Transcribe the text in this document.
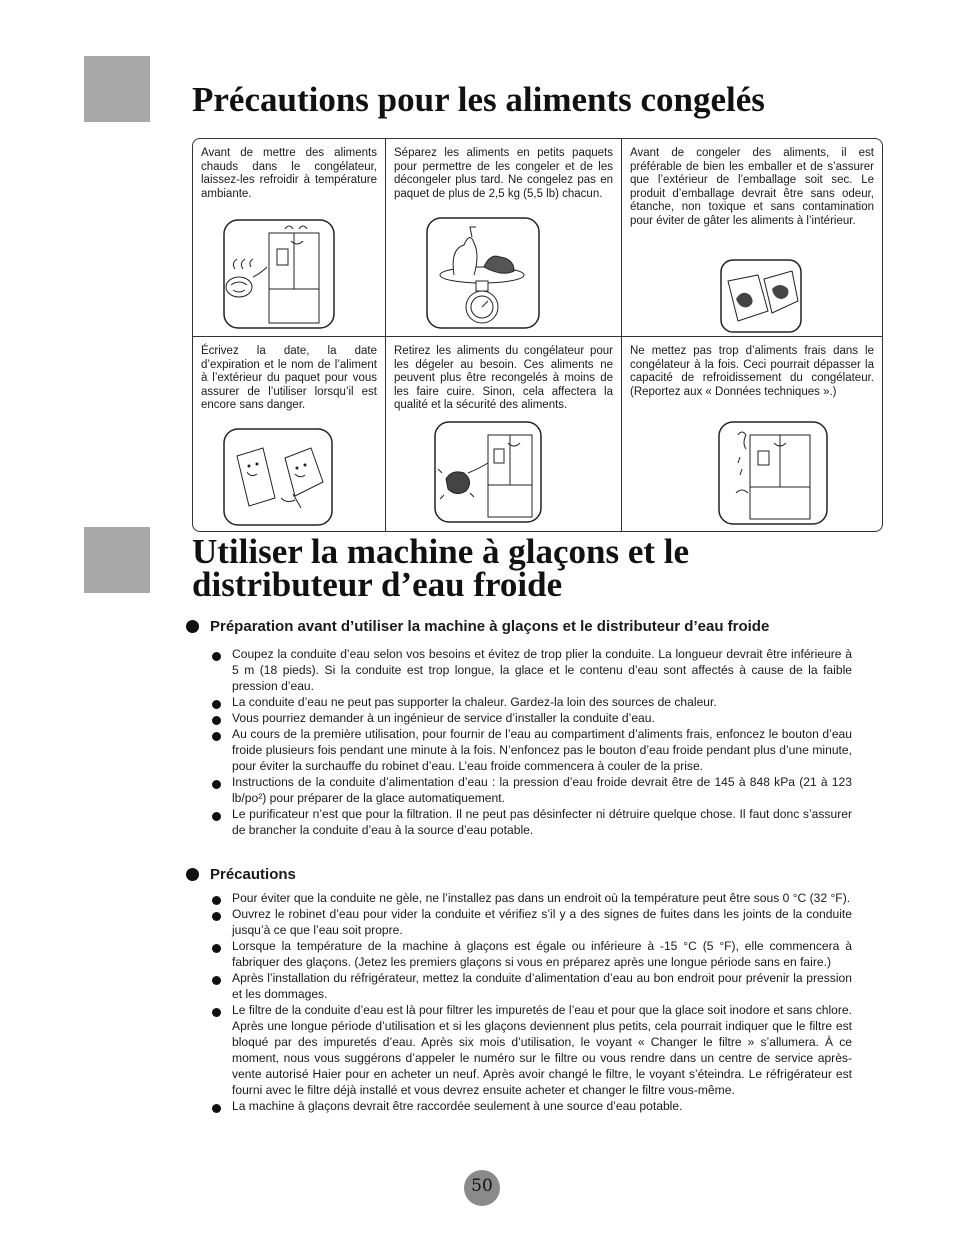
Précautions pour les aliments congelés

Avant de mettre des aliments chauds dans le congélateur, laissez-les refroidir à température ambiante.

Séparez les aliments en petits paquets pour permettre de les congeler et de les décongeler plus tard. Ne congelez pas en paquet de plus de 2,5 kg (5,5 lb) chacun.

Avant de congeler des aliments, il est préférable de bien les emballer et de s’assurer que l’extérieur de l’emballage soit sec. Le produit d’emballage devrait être sans odeur, étanche, non toxique et sans contamination pour éviter de gâter les aliments à l’intérieur.

Écrivez la date, la date d’expiration et le nom de l’aliment à l’extérieur du paquet pour vous assurer de l’utiliser lorsqu’il est encore sans danger.

Retirez les aliments du congélateur pour les dégeler au besoin. Ces aliments ne peuvent plus être recongelés à moins de les faire cuire. Sinon, cela affectera la qualité et la sécurité des aliments.

Ne mettez pas trop d’aliments frais dans le congélateur à la fois. Ceci pourrait dépasser la capacité de refroidissement du congélateur. (Reportez aux « Données techniques ».)

Utiliser la machine à glaçons et le distributeur d’eau froide
Préparation avant d’utiliser la machine à glaçons et le distributeur d’eau froide
Coupez la conduite d’eau selon vos besoins et évitez de trop plier la conduite. La longueur devrait être inférieure à 5 m (18 pieds). Si la conduite est trop longue, la glace et le contenu d’eau sont affectés à cause de la faible pression d’eau.
La conduite d’eau ne peut pas supporter la chaleur. Gardez-la loin des sources de chaleur.
Vous pourriez demander à un ingénieur de service d’installer la conduite d’eau.
Au cours de la première utilisation, pour fournir de l’eau au compartiment d’aliments frais, enfoncez le bouton d’eau froide plusieurs fois pendant une minute à la fois. N’enfoncez pas le bouton d’eau froide pendant plus d’une minute, pour éviter la surchauffe du robinet d’eau. L’eau froide commencera à couler de la prise.
Instructions de la conduite d’alimentation d’eau : la pression d’eau froide devrait être de 145 à 848 kPa (21 à 123 lb/po²) pour préparer de la glace automatiquement.
Le purificateur n’est que pour la filtration. Il ne peut pas désinfecter ni détruire quelque chose. Il faut donc s’assurer de brancher la conduite d’eau à la source d’eau potable.
Précautions
Pour éviter que la conduite ne gèle, ne l’installez pas dans un endroit où la température peut être sous 0 °C (32 °F).
Ouvrez le robinet d’eau pour vider la conduite et vérifiez s’il y a des signes de fuites dans les joints de la conduite jusqu’à ce que l’eau soit propre.
Lorsque la température de la machine à glaçons est égale ou inférieure à -15 °C (5 °F), elle commencera à fabriquer des glaçons. (Jetez les premiers glaçons si vous en préparez après une longue période sans en faire.)
Après l’installation du réfrigérateur, mettez la conduite d’alimentation d’eau au bon endroit pour prévenir la pression et les dommages.
Le filtre de la conduite d’eau est là pour filtrer les impuretés de l’eau et pour que la glace soit inodore et sans chlore. Après une longue période d’utilisation et si les glaçons deviennent plus petits, cela pourrait indiquer que le filtre est bloqué par des impuretés d’eau. Après six mois d’utilisation, le voyant « Changer le filtre » s’allumera. À ce moment, nous vous suggérons d’appeler le numéro sur le filtre ou vous rendre dans un centre de service après-vente autorisé Haier pour en acheter un neuf. Après avoir changé le filtre, le voyant s’éteindra. Le réfrigérateur est fourni avec le filtre déjà installé et vous devrez ensuite acheter et changer le filtre vous-même.
La machine à glaçons devrait être raccordée seulement à une source d’eau potable.
50
